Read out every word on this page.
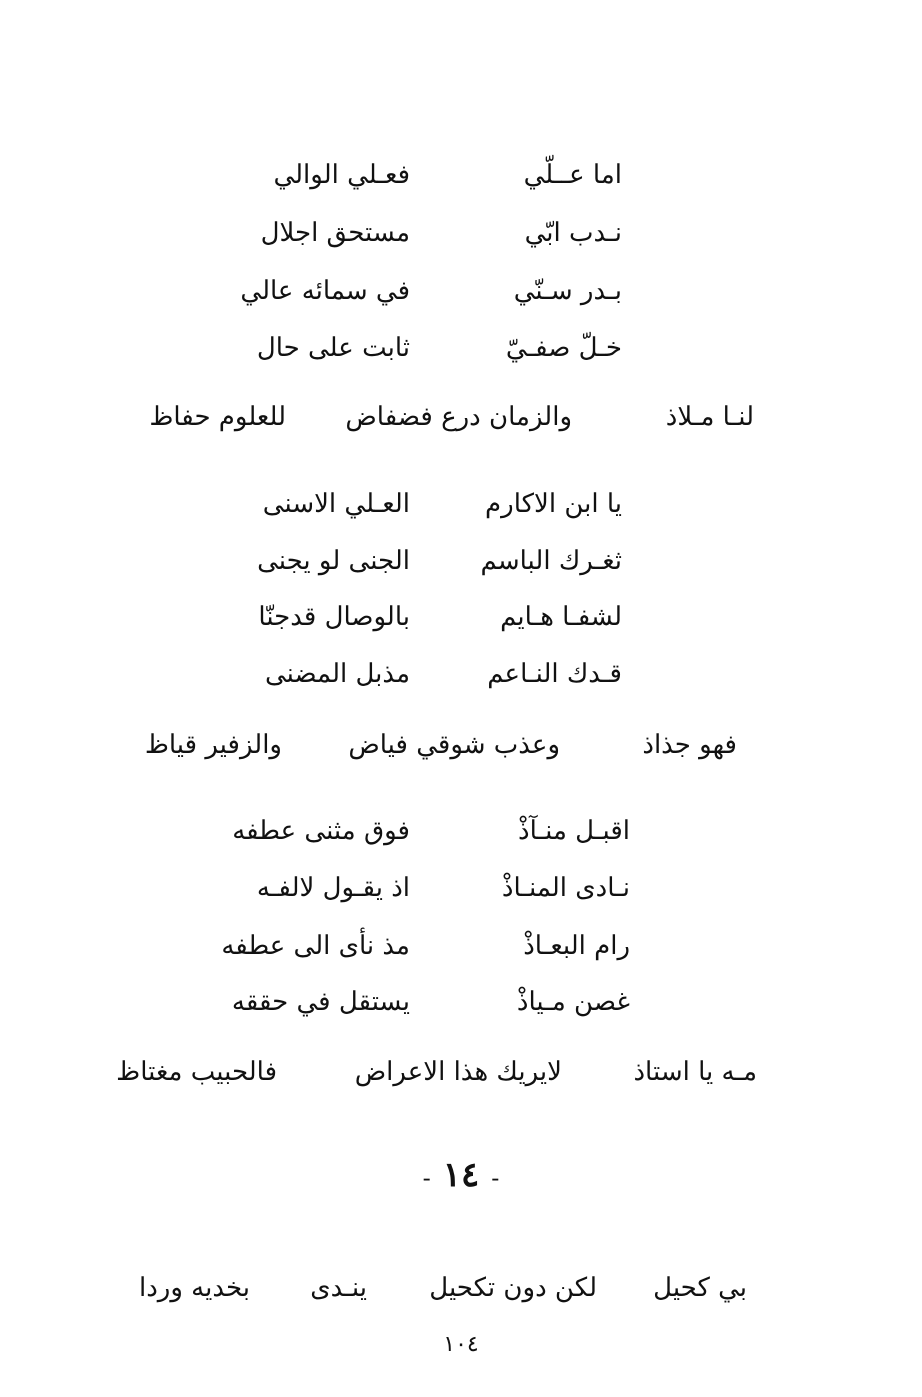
اما عــلّي
فعـلي الوالي
نـدب ابّي
مستحق اجلال
بـدر سـنّي
في سمائه عالي
خـلّ صفـيّ
ثابت على حال
لنـا مـلاذ
والزمان درع فضفاض
للعلوم حفاظ
يا ابن الاكارم
العـلي الاسنى
ثغـرك الباسم
الجنى لو يجنى
لشفـا هـايم
بالوصال قدجنّا
قـدك النـاعم
مذبل المضنى
فهو جذاذ
وعذب شوقي فياض
والزفير قياظ
اقبـل منـآذْ
فوق مثنى عطفه
نـادى المنـاذْ
اذ يقـول لالفـه
رام البعـاذْ
مذ نأى الى عطفه
غصن مـياذْ
يستقل في حققه
مـه يا استاذ
لايريك هذا الاعراض
فالحبيب مغتاظ
- ١٤ -
بي كحيل
لكن دون تكحيل
ينـدى
بخديه وردا
١٠٤
